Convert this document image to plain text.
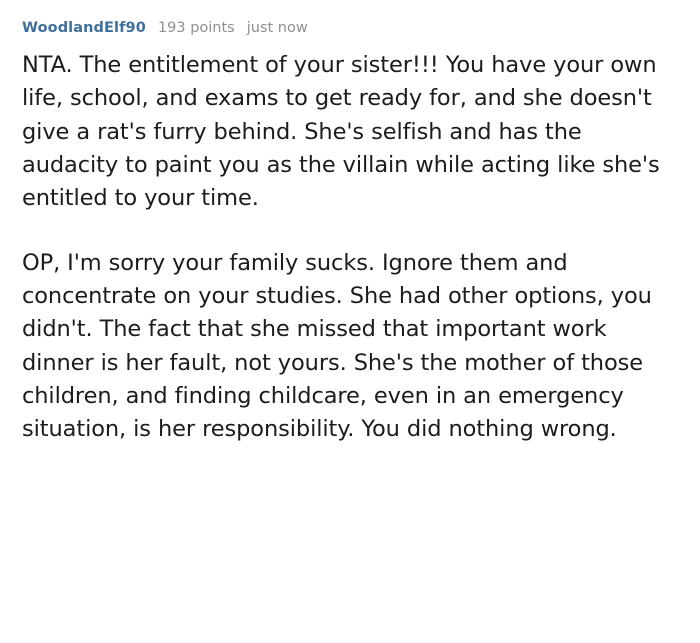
WoodlandElf90 193 points just now

NTA. The entitlement of your sister!!! You have your own life, school, and exams to get ready for, and she doesn't give a rat's furry behind. She's selfish and has the audacity to paint you as the villain while acting like she's entitled to your time.

OP, I'm sorry your family sucks. Ignore them and concentrate on your studies. She had other options, you didn't. The fact that she missed that important work dinner is her fault, not yours. She's the mother of those children, and finding childcare, even in an emergency situation, is her responsibility. You did nothing wrong.
